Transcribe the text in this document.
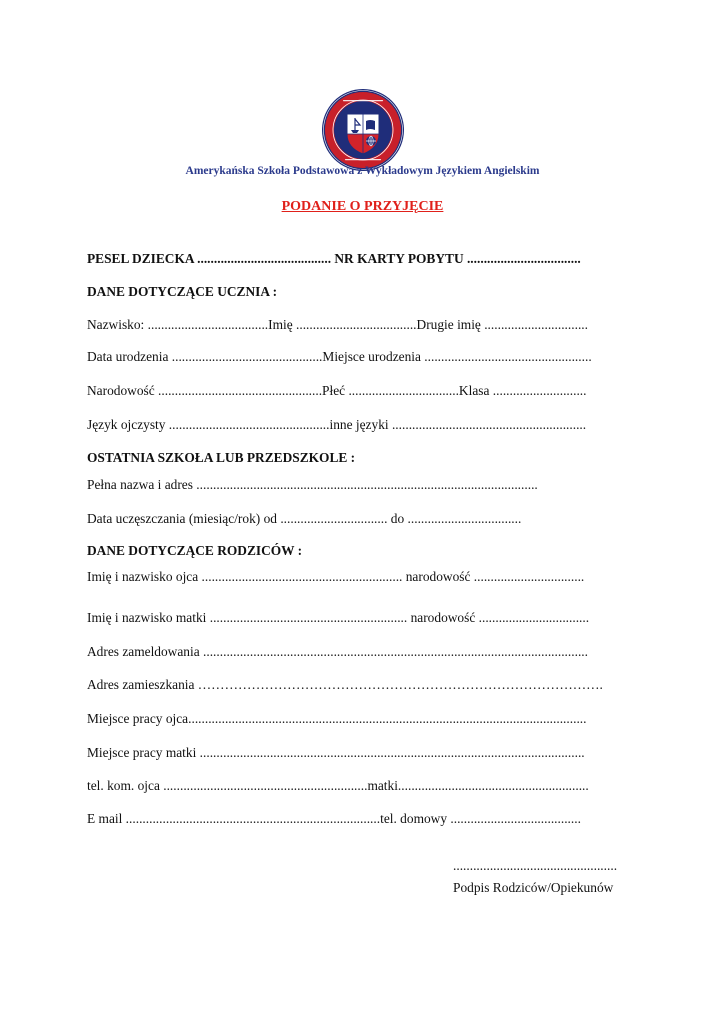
Amerykańska Szkoła Podstawowa z Wykładowym Językiem Angielskim
PODANIE O PRZYJĘCIE
PESEL DZIECKA ........................................ NR KARTY POBYTU ..................................
DANE DOTYCZĄCE UCZNIA :
Nazwisko: ....................................Imię ....................................Drugie imię ...............................
Data urodzenia .............................................Miejsce urodzenia ..................................................
Narodowość .................................................Płeć .................................Klasa ............................
Język ojczysty ................................................inne języki ..........................................................
OSTATNIA SZKOŁA LUB PRZEDSZKOLE :
Pełna nazwa i adres ......................................................................................................
Data uczęszczania (miesiąc/rok) od ................................ do ..................................
DANE DOTYCZĄCE RODZICÓW :
Imię i nazwisko ojca ............................................................ narodowość .................................
Imię i nazwisko matki ........................................................... narodowość .................................
Adres zameldowania ...................................................................................................................
Adres zamieszkania ……………………………………………………………………………….
Miejsce pracy ojca.......................................................................................................................
Miejsce pracy matki ...................................................................................................................
tel. kom. ojca .............................................................matki.........................................................
E mail ............................................................................tel. domowy .......................................
.................................................
Podpis Rodziców/Opiekunów
